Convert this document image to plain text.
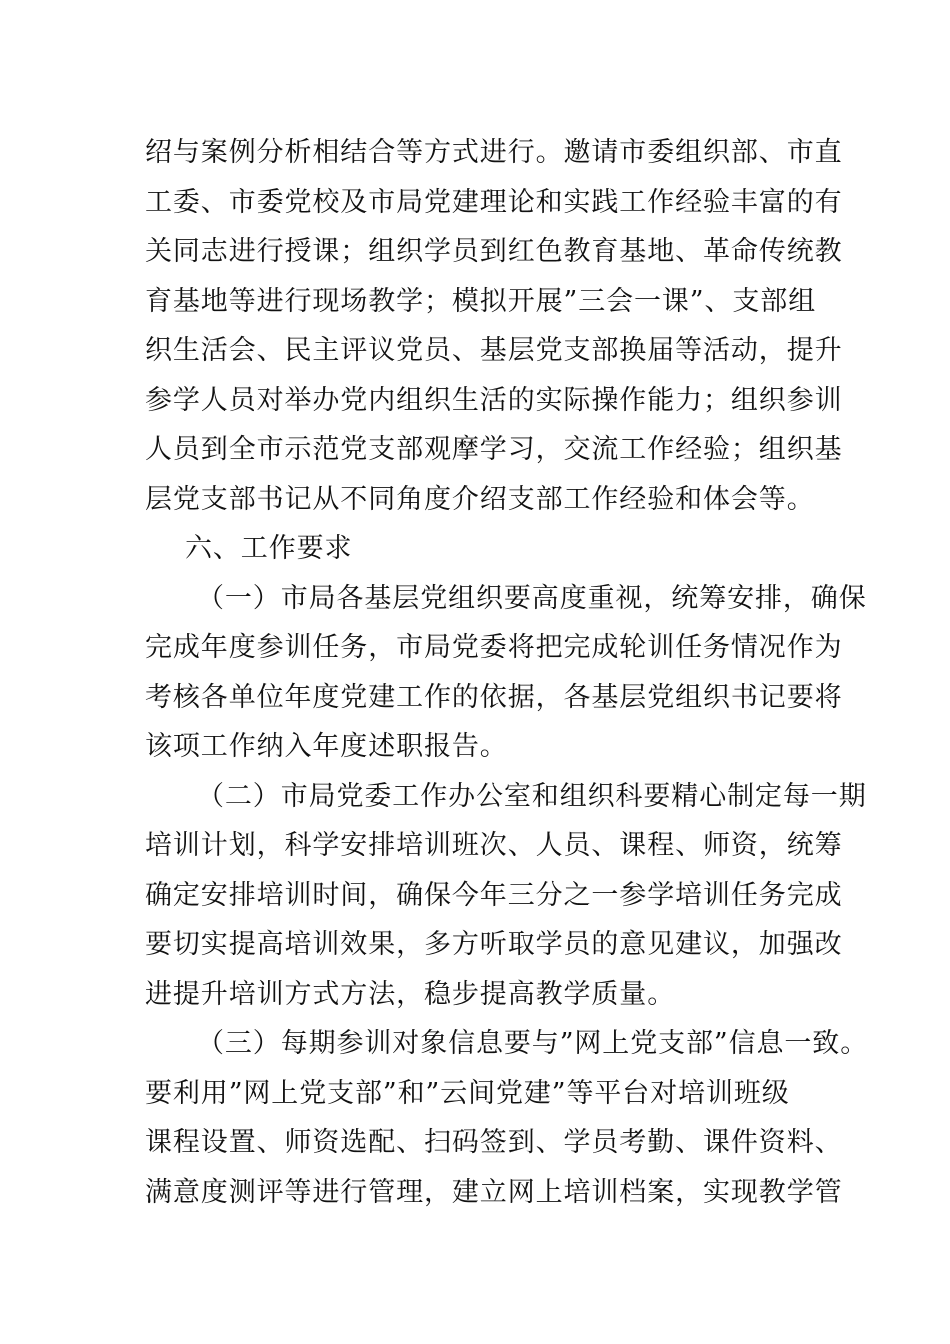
绍与案例分析相结合等方式进行。邀请市委组织部、市直
工委、市委党校及市局党建理论和实践工作经验丰富的有
关同志进行授课；组织学员到红色教育基地、革命传统教
育基地等进行现场教学；模拟开展”三会一课”、支部组
织生活会、民主评议党员、基层党支部换届等活动，提升
参学人员对举办党内组织生活的实际操作能力；组织参训
人员到全市示范党支部观摩学习，交流工作经验；组织基
层党支部书记从不同角度介绍支部工作经验和体会等。
六、工作要求
（一）市局各基层党组织要高度重视，统筹安排，确保
完成年度参训任务，市局党委将把完成轮训任务情况作为
考核各单位年度党建工作的依据，各基层党组织书记要将
该项工作纳入年度述职报告。
（二）市局党委工作办公室和组织科要精心制定每一期
培训计划，科学安排培训班次、人员、课程、师资，统筹
确定安排培训时间，确保今年三分之一参学培训任务完成
要切实提高培训效果，多方听取学员的意见建议，加强改
进提升培训方式方法，稳步提高教学质量。
（三）每期参训对象信息要与”网上党支部”信息一致。
要利用”网上党支部”和”云间党建”等平台对培训班级
课程设置、师资选配、扫码签到、学员考勤、课件资料、
满意度测评等进行管理，建立网上培训档案，实现教学管
